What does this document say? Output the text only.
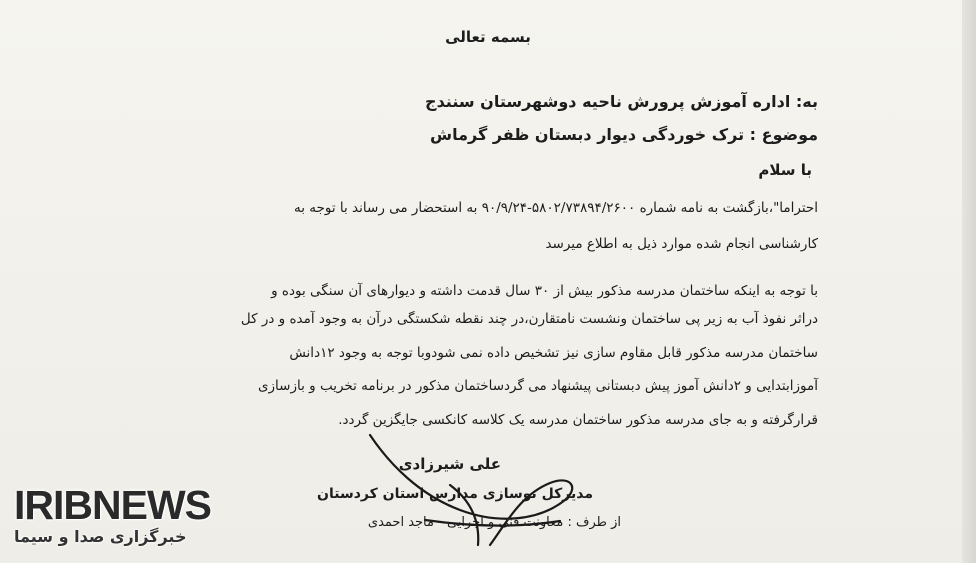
بسمه تعالی
به: اداره آموزش پرورش ناحیه دوشهرستان سنندج
موضوع : ترک خوردگی دیوار دبستان ظفر گرماش
با سلام
احتراما"،بازگشت به نامه شماره ۵۸۰۲/۷۳۸۹۴/۲۶۰۰-۹۰/۹/۲۴ به استحضار می رساند با توجه به
کارشناسی انجام شده موارد ذیل به اطلاع میرسد
با توجه به اینکه ساختمان مدرسه مذکور بیش از ۳۰ سال قدمت داشته و دیوارهای آن سنگی بوده و
دراثر نفوذ آب به زیر پی ساختمان ونشست نامتقارن،در چند نقطه شکستگی درآن به وجود آمده و در کل
ساختمان مدرسه مذکور قابل مقاوم سازی نیز تشخیص داده نمی شودوبا توجه به وجود ۱۲دانش
آموزابتدایی و ۲دانش آموز پیش دبستانی پیشنهاد می گردساختمان مذکور در برنامه تخریب و بازسازی
قرارگرفته و به جای مدرسه مذکور ساختمان مدرسه یک کلاسه کانکسی جایگزین گردد.
علی شیرزادی
مدیرکل نوسازی مدارس استان کردستان
از طرف : معاونت فنی و اجرایی - ماجد احمدی
IRIBNEWS
خبرگزاری صدا و سیما
